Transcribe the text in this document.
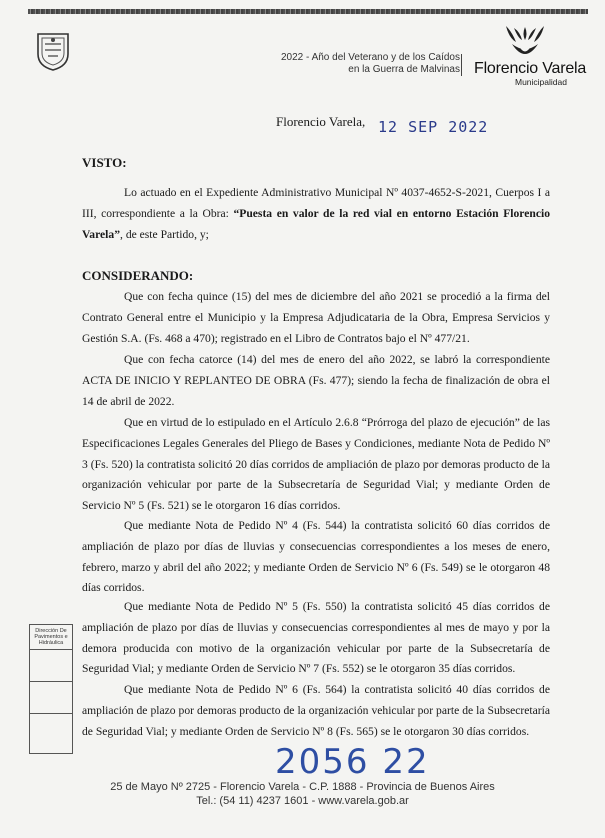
2022 - Año del Veterano y de los Caídos
en la Guerra de Malvinas Florencio Varela
Municipalidad
Florencio Varela, 12 SEP 2022
VISTO:
Lo actuado en el Expediente Administrativo Municipal Nº 4037-4652-S-2021, Cuerpos I a III, correspondiente a la Obra: “Puesta en valor de la red vial en entorno Estación Florencio Varela”, de este Partido, y;
CONSIDERANDO:
Que con fecha quince (15) del mes de diciembre del año 2021 se procedió a la firma del Contrato General entre el Municipio y la Empresa Adjudicataria de la Obra, Empresa Servicios y Gestión S.A. (Fs. 468 a 470); registrado en el Libro de Contratos bajo el Nº 477/21.
Que con fecha catorce (14) del mes de enero del año 2022, se labró la correspondiente ACTA DE INICIO Y REPLANTEO DE OBRA (Fs. 477); siendo la fecha de finalización de obra el 14 de abril de 2022.
Que en virtud de lo estipulado en el Artículo 2.6.8 “Prórroga del plazo de ejecución” de las Especificaciones Legales Generales del Pliego de Bases y Condiciones, mediante Nota de Pedido Nº 3 (Fs. 520) la contratista solicitó 20 días corridos de ampliación de plazo por demoras producto de la organización vehicular por parte de la Subsecretaría de Seguridad Vial; y mediante Orden de Servicio Nº 5 (Fs. 521) se le otorgaron 16 días corridos.
Que mediante Nota de Pedido Nº 4 (Fs. 544) la contratista solicitó 60 días corridos de ampliación de plazo por días de lluvias y consecuencias correspondientes a los meses de enero, febrero, marzo y abril del año 2022; y mediante Orden de Servicio Nº 6 (Fs. 549) se le otorgaron 48 días corridos.
Que mediante Nota de Pedido Nº 5 (Fs. 550) la contratista solicitó 45 días corridos de ampliación de plazo por días de lluvias y consecuencias correspondientes al mes de mayo y por la demora producida con motivo de la organización vehicular por parte de la Subsecretaría de Seguridad Vial; y mediante Orden de Servicio Nº 7 (Fs. 552) se le otorgaron 35 días corridos.
Que mediante Nota de Pedido Nº 6 (Fs. 564) la contratista solicitó 40 días corridos de ampliación de plazo por demoras producto de la organización vehicular por parte de la Subsecretaría de Seguridad Vial; y mediante Orden de Servicio Nº 8 (Fs. 565) se le otorgaron 30 días corridos.
Dirección De Pavimentos e Hidráulica
2056 22
25 de Mayo Nº 2725 - Florencio Varela - C.P. 1888 - Provincia de Buenos Aires
Tel.: (54 11) 4237 1601 - www.varela.gob.ar
